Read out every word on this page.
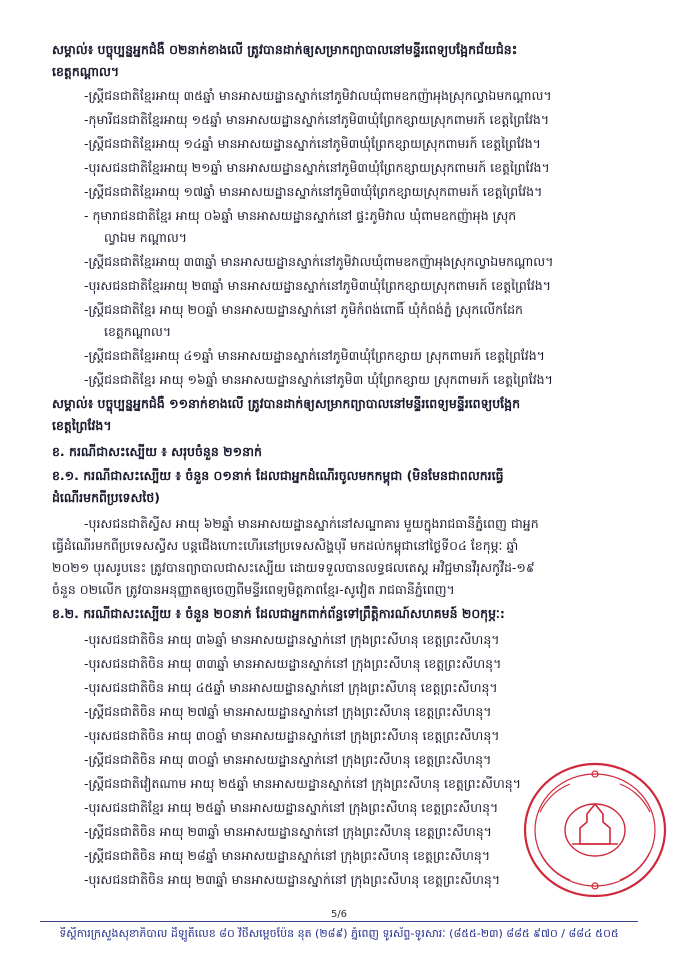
សម្គាល់៖ បច្ចុប្បន្នអ្នកជំងឺ ០២នាក់ខាងលើ ត្រូវបានដាក់ឲ្យសម្រាកព្យាបាលនៅមន្ទីរពេទ្យបង្អែកជ័យជំនះ
ខេត្តកណ្តាល។
-ស្ត្រីជនជាតិខ្មែរអាយុ ៣៥ឆ្នាំ មានអាសយដ្ឋានស្នាក់នៅភូមិវាលឃុំពាមឧកញ៉ាអុងស្រុកល្វាឯមកណ្តាល។
-កុមារីជនជាតិខ្មែរអាយុ ១៥ឆ្នាំ មានអាសយដ្ឋានស្នាក់នៅភូមិ៣ឃុំព្រែកខ្សាយស្រុកពាមរក៍ ខេត្តព្រៃវែង។
-ស្ត្រីជនជាតិខ្មែរអាយុ ១៤ឆ្នាំ មានអាសយដ្ឋានស្នាក់នៅភូមិ៣ឃុំព្រែកខ្សាយស្រុកពាមរក៍ ខេត្តព្រៃវែង។
-បុរសជនជាតិខ្មែរអាយុ ២១ឆ្នាំ មានអាសយដ្ឋានស្នាក់នៅភូមិ៣ឃុំព្រែកខ្សាយស្រុកពាមរក៍ ខេត្តព្រៃវែង។
-ស្ត្រីជនជាតិខ្មែរអាយុ ១៧ឆ្នាំ មានអាសយដ្ឋានស្នាក់នៅភូមិ៣ឃុំព្រែកខ្សាយស្រុកពាមរក៍ ខេត្តព្រៃវែង។
- កុមារាជនជាតិខ្មែរ អាយុ ០៦ឆ្នាំ មានអាសយដ្ឋានស្នាក់នៅ ផ្ទះភូមិវាល ឃុំពាមឧកញ៉ាអុង ស្រុក
ល្វាឯម កណ្តាល។
-ស្ត្រីជនជាតិខ្មែរអាយុ ៣៣ឆ្នាំ មានអាសយដ្ឋានស្នាក់នៅភូមិវាលឃុំពាមឧកញ៉ាអុងស្រុកល្វាឯមកណ្តាល។
-បុរសជនជាតិខ្មែរអាយុ ២៣ឆ្នាំ មានអាសយដ្ឋានស្នាក់នៅភូមិ៣ឃុំព្រែកខ្សាយស្រុកពាមរក៍ ខេត្តព្រៃវែង។
-ស្ត្រីជនជាតិខ្មែរ អាយុ ២០ឆ្នាំ មានអាសយដ្ឋានស្នាក់នៅ ភូមិកំពង់ពោធិ៍ ឃុំកំពង់ភ្នំ ស្រុកលើកដែក
ខេត្តកណ្តាល។
-ស្ត្រីជនជាតិខ្មែរអាយុ ៤១ឆ្នាំ មានអាសយដ្ឋានស្នាក់នៅភូមិ៣ឃុំព្រែកខ្សាយ ស្រុកពាមរក៍ ខេត្តព្រៃវែង។
-ស្ត្រីជនជាតិខ្មែរ អាយុ ១៦ឆ្នាំ មានអាសយដ្ឋានស្នាក់នៅភូមិ៣ ឃុំព្រែកខ្សាយ ស្រុកពាមរក៍ ខេត្តព្រៃវែង។
សម្គាល់៖ បច្ចុប្បន្នអ្នកជំងឺ ១១នាក់ខាងលើ ត្រូវបានដាក់ឲ្យសម្រាកព្យាបាលនៅមន្ទីរពេទ្យមន្ទីរពេទ្យបង្អែក
ខេត្តព្រៃវែង។
ខ. ករណីជាសះស្បើយ ៖ សរុបចំនួន ២១នាក់
ខ.១. ករណីជាសះស្បើយ ៖ ចំនួន ០១នាក់ ដែលជាអ្នកដំណើរចូលមកកម្ពុជា (មិនមែនជាពលករធ្វើ
ដំណើរមកពីប្រទេសថៃ)
-បុរសជនជាតិស្វីស អាយុ ៦២ឆ្នាំ មានអាសយដ្ឋានស្នាក់នៅសណ្ឋាគារ មួយក្នុងរាជធានីភ្នំពេញ ជាអ្នក
ធ្វើដំណើរមកពីប្រទេសស្វីស បន្តជើងហោះហើរនៅប្រទេសសិង្ហបុរី មកដល់កម្ពុជានៅថ្ងៃទី០៤ ខែកុម្ភៈ ឆ្នាំ
២០២១ បុរសរូបនេះ ត្រូវបានព្យាបាលជាសះស្បើយ ដោយទទួលបានលទ្ធផលតេស្ត អវិជ្ជមានវីរុសកូវីដ-១៩
ចំនួន ០២លើក ត្រូវបានអនុញ្ញាតឲ្យចេញពីមន្ទីរពេទ្យមិត្តភាពខ្មែរ-សូវៀត រាជធានីភ្នំពេញ។
ខ.២. ករណីជាសះស្បើយ ៖ ចំនួន ២០នាក់ ដែលជាអ្នកពាក់ព័ន្ធទៅព្រឹត្តិការណ៍សហគមន៍ ២០កុម្ភៈ:
-បុរសជនជាតិចិន អាយុ ៣៦ឆ្នាំ មានអាសយដ្ឋានស្នាក់នៅ ក្រុងព្រះសីហនុ ខេត្តព្រះសីហនុ។
-បុរសជនជាតិចិន អាយុ ៣៣ឆ្នាំ មានអាសយដ្ឋានស្នាក់នៅ ក្រុងព្រះសីហនុ ខេត្តព្រះសីហនុ។
-បុរសជនជាតិចិន អាយុ ៤៥ឆ្នាំ មានអាសយដ្ឋានស្នាក់នៅ ក្រុងព្រះសីហនុ ខេត្តព្រះសីហនុ។
-ស្ត្រីជនជាតិចិន អាយុ ២៧ឆ្នាំ មានអាសយដ្ឋានស្នាក់នៅ ក្រុងព្រះសីហនុ ខេត្តព្រះសីហនុ។
-បុរសជនជាតិចិន អាយុ ៣០ឆ្នាំ មានអាសយដ្ឋានស្នាក់នៅ ក្រុងព្រះសីហនុ ខេត្តព្រះសីហនុ។
-ស្ត្រីជនជាតិចិន អាយុ ៣០ឆ្នាំ មានអាសយដ្ឋានស្នាក់នៅ ក្រុងព្រះសីហនុ ខេត្តព្រះសីហនុ។
-ស្ត្រីជនជាតិវៀតណាម អាយុ ២៥ឆ្នាំ មានអាសយដ្ឋានស្នាក់នៅ ក្រុងព្រះសីហនុ ខេត្តព្រះសីហនុ។
-បុរសជនជាតិខ្មែរ អាយុ ២៥ឆ្នាំ មានអាសយដ្ឋានស្នាក់នៅ ក្រុងព្រះសីហនុ ខេត្តព្រះសីហនុ។
-ស្ត្រីជនជាតិចិន អាយុ ២៣ឆ្នាំ មានអាសយដ្ឋានស្នាក់នៅ ក្រុងព្រះសីហនុ ខេត្តព្រះសីហនុ។
-ស្ត្រីជនជាតិចិន អាយុ ២៨ឆ្នាំ មានអាសយដ្ឋានស្នាក់នៅ ក្រុងព្រះសីហនុ ខេត្តព្រះសីហនុ។
-បុរសជនជាតិចិន អាយុ ២៣ឆ្នាំ មានអាសយដ្ឋានស្នាក់នៅ ក្រុងព្រះសីហនុ ខេត្តព្រះសីហនុ។
5/6
ទីស្តីការក្រសួងសុខាភិបាល ដីឡូតិ៍លេខ ៨០ វិថីសម្តេចប៉ែន នុត (២៨៩) ភ្នំពេញ ទូរស័ព្ទ-ទូរសារៈ (៨៥៥-២៣) ៨៨៥ ៩៧០ / ៨៨៤ ៥០៥
